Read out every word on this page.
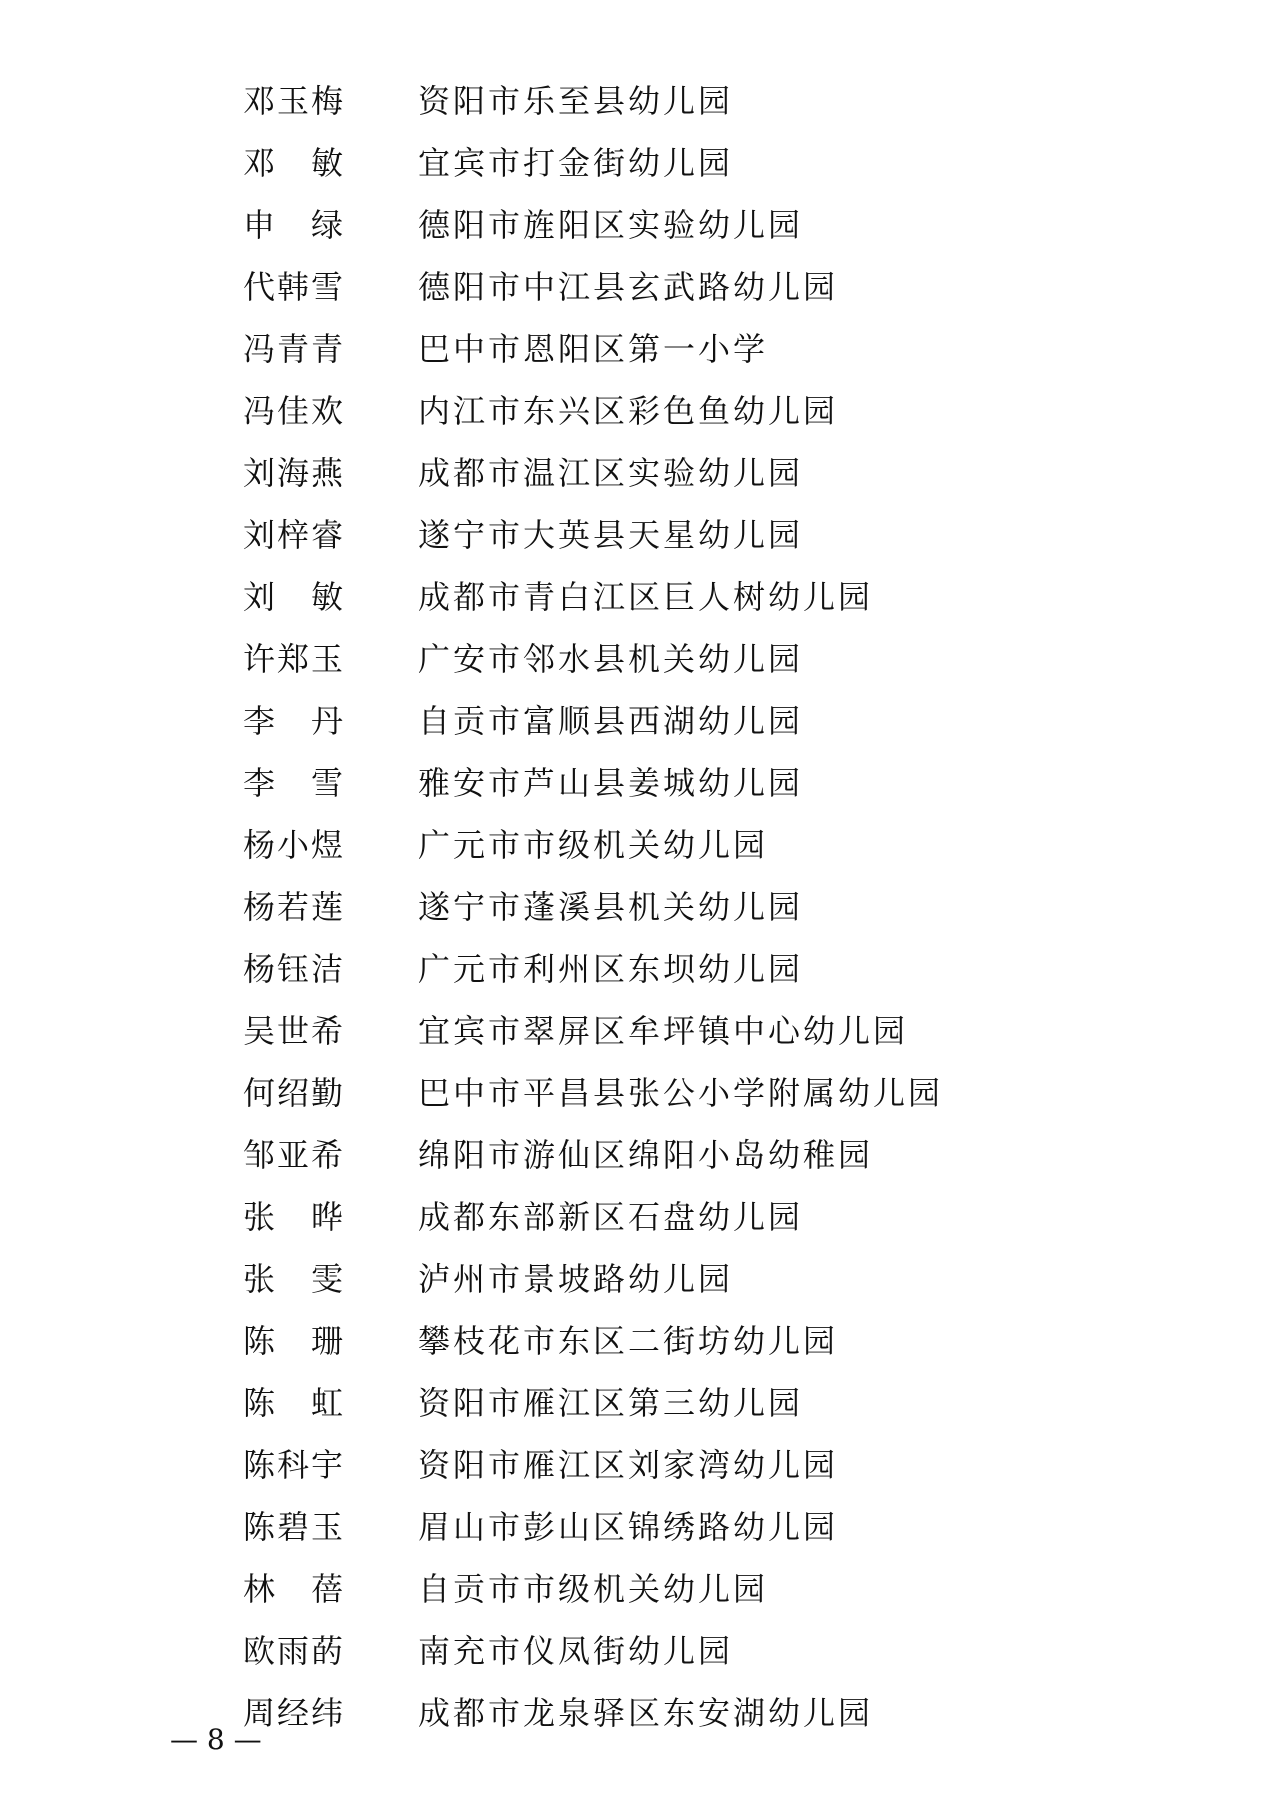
邓玉梅 资阳市乐至县幼儿园
邓　敏 宜宾市打金街幼儿园
申　绿 德阳市旌阳区实验幼儿园
代韩雪 德阳市中江县玄武路幼儿园
冯青青 巴中市恩阳区第一小学
冯佳欢 内江市东兴区彩色鱼幼儿园
刘海燕 成都市温江区实验幼儿园
刘梓睿 遂宁市大英县天星幼儿园
刘　敏 成都市青白江区巨人树幼儿园
许郑玉 广安市邻水县机关幼儿园
李　丹 自贡市富顺县西湖幼儿园
李　雪 雅安市芦山县姜城幼儿园
杨小煜 广元市市级机关幼儿园
杨若莲 遂宁市蓬溪县机关幼儿园
杨钰洁 广元市利州区东坝幼儿园
吴世希 宜宾市翠屏区牟坪镇中心幼儿园
何绍勤 巴中市平昌县张公小学附属幼儿园
邹亚希 绵阳市游仙区绵阳小岛幼稚园
张　晔 成都东部新区石盘幼儿园
张　雯 泸州市景坡路幼儿园
陈　珊 攀枝花市东区二街坊幼儿园
陈　虹 资阳市雁江区第三幼儿园
陈科宇 资阳市雁江区刘家湾幼儿园
陈碧玉 眉山市彭山区锦绣路幼儿园
林　蓓 自贡市市级机关幼儿园
欧雨菂 南充市仪凤街幼儿园
周经纬 成都市龙泉驿区东安湖幼儿园
— 8 —
